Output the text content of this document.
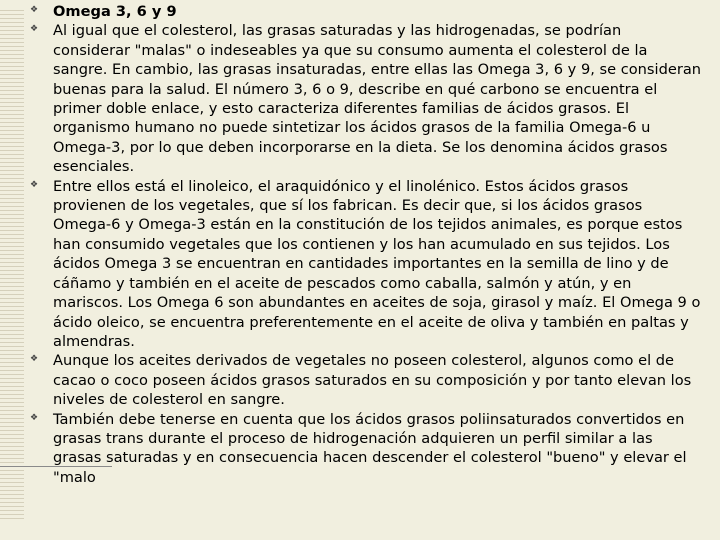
❖ Omega 3, 6 y 9
❖ Al igual que el colesterol, las grasas saturadas y las hidrogenadas, se podrían considerar "malas" o indeseables ya que su consumo aumenta el colesterol de la sangre. En cambio, las grasas insaturadas, entre ellas las Omega 3, 6 y 9, se consideran buenas para la salud. El número 3, 6 o 9, describe en qué carbono se encuentra el primer doble enlace, y esto caracteriza diferentes familias de ácidos grasos. El organismo humano no puede sintetizar los ácidos grasos de la familia Omega-6 u Omega-3, por lo que deben incorporarse en la dieta. Se los denomina ácidos grasos esenciales.
❖ Entre ellos está el linoleico, el araquidónico y el linolénico. Estos ácidos grasos provienen de los vegetales, que sí los fabrican. Es decir que, si los ácidos grasos Omega-6 y Omega-3 están en la constitución de los tejidos animales, es porque estos han consumido vegetales que los contienen y los han acumulado en sus tejidos. Los ácidos Omega 3 se encuentran en cantidades importantes en la semilla de lino y de cáñamo y también en el aceite de pescados como caballa, salmón y atún, y en mariscos. Los Omega 6 son abundantes en aceites de soja, girasol y maíz. El Omega 9 o ácido oleico, se encuentra preferentemente en el aceite de oliva y también en paltas y almendras.
❖ Aunque los aceites derivados de vegetales no poseen colesterol, algunos como el de cacao o coco poseen ácidos grasos saturados en su composición y por tanto elevan los niveles de colesterol en sangre.
❖ También debe tenerse en cuenta que los ácidos grasos poliinsaturados convertidos en grasas trans durante el proceso de hidrogenación adquieren un perfil similar a las grasas saturadas y en consecuencia hacen descender el colesterol "bueno" y elevar el "malo
